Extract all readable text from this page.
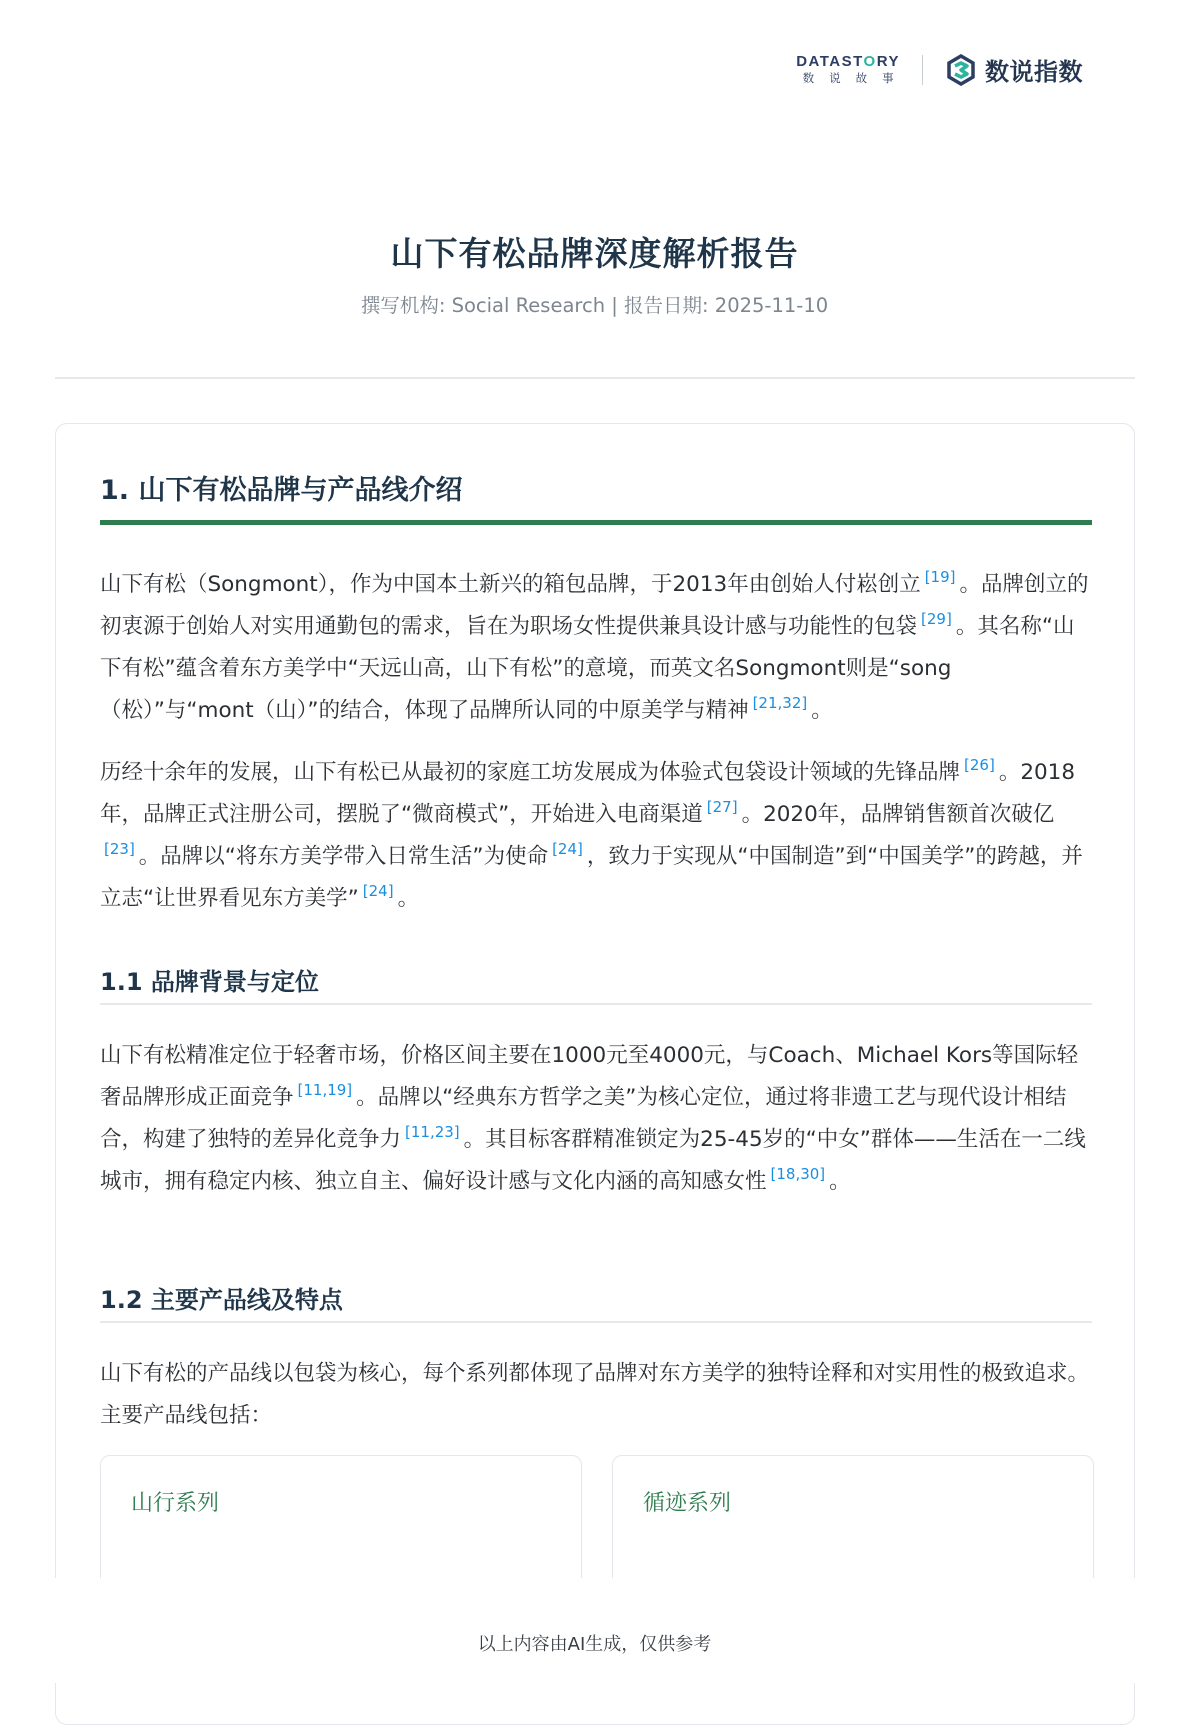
DATASTORY
数说故事	数说指数
山下有松品牌深度解析报告
撰写机构: Social Research | 报告日期: 2025-11-10
1. 山下有松品牌与产品线介绍
山下有松（Songmont），作为中国本土新兴的箱包品牌，于2013年由创始人付崧创立 [19] 。品牌创立的初衷源于创始人对实用通勤包的需求，旨在为职场女性提供兼具设计感与功能性的包袋 [29] 。其名称“山下有松”蕴含着东方美学中“天远山高，山下有松”的意境，而英文名Songmont则是“song（松）”与“mont（山）”的结合，体现了品牌所认同的中原美学与精神 [21,32] 。
历经十余年的发展，山下有松已从最初的家庭工坊发展成为体验式包袋设计领域的先锋品牌 [26] 。2018年，品牌正式注册公司，摆脱了“微商模式”，开始进入电商渠道 [27] 。2020年，品牌销售额首次破亿[23] 。品牌以“将东方美学带入日常生活”为使命 [24] ，致力于实现从“中国制造”到“中国美学”的跨越，并立志“让世界看见东方美学” [24] 。
1.1 品牌背景与定位
山下有松精准定位于轻奢市场，价格区间主要在1000元至4000元，与Coach、Michael Kors等国际轻奢品牌形成正面竞争 [11,19] 。品牌以“经典东方哲学之美”为核心定位，通过将非遗工艺与现代设计相结合，构建了独特的差异化竞争力 [11,23] 。其目标客群精准锁定为25-45岁的“中女”群体——生活在一二线城市，拥有稳定内核、独立自主、偏好设计感与文化内涵的高知感女性 [18,30] 。
1.2 主要产品线及特点
山下有松的产品线以包袋为核心，每个系列都体现了品牌对东方美学的独特诠释和对实用性的极致追求。主要产品线包括：
山行系列	循迹系列
以上内容由AI生成，仅供参考
